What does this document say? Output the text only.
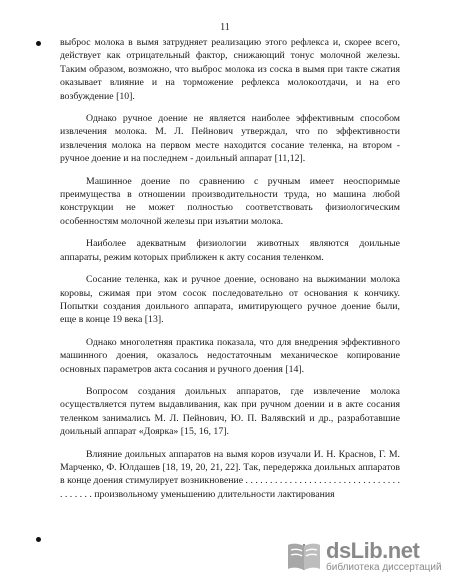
11

выброс молока в вымя затрудняет реализацию этого рефлекса и, скорее всего, действует как отрицательный фактор, снижающий тонус молочной железы. Таким образом, возможно, что выброс молока из соска в вымя при такте сжатия оказывает влияние и на торможение рефлекса молокоотдачи, и на его возбуждение [10].

Однако ручное доение не является наиболее эффективным способом извлечения молока. М. Л. Пейнович утверждал, что по эффективности извлечения молока на первом месте находится сосание теленка, на втором - ручное доение и на последнем - доильный аппарат [11,12].

Машинное доение по сравнению с ручным имеет неоспоримые преимущества в отношении производительности труда, но машина любой конструкции не может полностью соответствовать физиологическим особенностям молочной железы при изъятии молока.

Наиболее адекватным физиологии животных являются доильные аппараты, режим которых приближен к акту сосания теленком.

Сосание теленка, как и ручное доение, основано на выжимании молока коровы, сжимая при этом сосок последовательно от основания к кончику. Попытки создания доильного аппарата, имитирующего ручное доение были, еще в конце 19 века [13].

Однако многолетняя практика показала, что для внедрения эффективного машинного доения, оказалось недостаточным механическое копирование основных параметров акта сосания и ручного доения [14].

Вопросом создания доильных аппаратов, где извлечение молока осуществляется путем выдавливания, как при ручном доении и в акте сосания теленком занимались М. Л. Пейнович, Ю. П. Валявский и др., разработавшие доильный аппарат «Доярка» [15, 16, 17].

Влияние доильных аппаратов на вымя коров изучали И. Н. Краснов, Г. М. Марченко, Ф. Юлдашев [18, 19, 20, 21, 22]. Так, передержка доильных аппаратов в конце доения стимулирует возникновение . . . . . . . . . . . . . . . . . . . . . . . . . . . . . . . . . . . . . . . произвольному уменьшению длительности лактирования

dsLib.net
библиотека диссертаций
